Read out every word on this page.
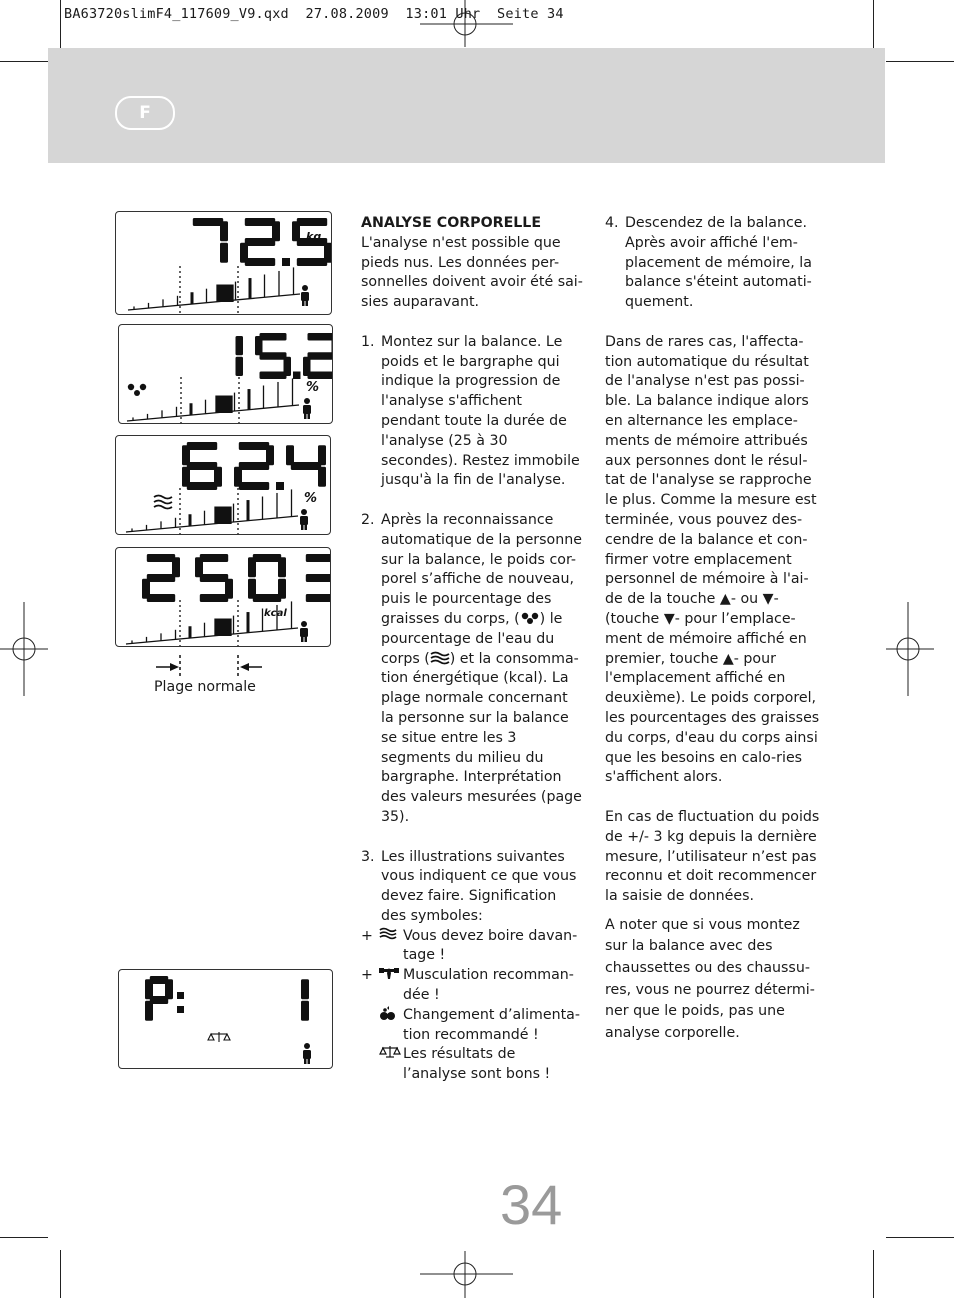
BA63720slimF4_117609_V9.qxd  27.08.2009  13:01 Uhr  Seite 34
F
kg
%
%
kcal
Plage normale

ANALYSE CORPORELLE

L'analyse n'est possible que pieds nus. Les données per-sonnelles doivent avoir été sai-sies auparavant.

1. Montez sur la balance. Le poids et le bargraphe qui indique la progression de l'analyse s'affichent pendant toute la durée de l'analyse (25 à 30 secondes). Restez immobile jusqu'à la fin de l'analyse.
2. Après la reconnaissance automatique de la personne sur la balance, le poids cor-porel s’affiche de nouveau, puis le pourcentage des graisses du corps, ( ) le pourcentage de l'eau du corps ( ) et la consomma-tion énergétique (kcal). La plage normale concernant la personne sur la balance se situe entre les 3 segments du milieu du bargraphe. Interprétation des valeurs mesurées (page 35).
3. Les illustrations suivantes vous indiquent ce que vous devez faire. Signification des symboles:
+	Vous devez boire davan-tage !
+	Musculation recomman-dée !
Changement d’alimenta-tion recommandé !
Les résultats de l’analyse sont bons !
4. Descendez de la balance. Après avoir affiché l'em-placement de mémoire, la balance s'éteint automati-quement.

Dans de rares cas, l'affecta-tion automatique du résultat de l'analyse n'est pas possi-ble. La balance indique alors en alternance les emplace-ments de mémoire attribués aux personnes dont le résul-tat de l'analyse se rapproche le plus. Comme la mesure est terminée, vous pouvez des-cendre de la balance et con-firmer votre emplacement personnel de mémoire à l'ai-de de la touche ▲- ou ▼- (touche ▼- pour l’emplace-ment de mémoire affiché en premier, touche ▲- pour l'emplacement affiché en deuxième). Le poids corporel, les pourcentages des graisses du corps, d'eau du corps ainsi que les besoins en calo-ries s'affichent alors.

En cas de fluctuation du poids de +/- 3 kg depuis la dernière mesure, l’utilisateur n’est pas reconnu et doit recommencer la saisie de données.

A noter que si vous montez sur la balance avec des chaussettes ou des chaussu-res, vous ne pourrez détermi-ner que le poids, pas une analyse corporelle.

34
